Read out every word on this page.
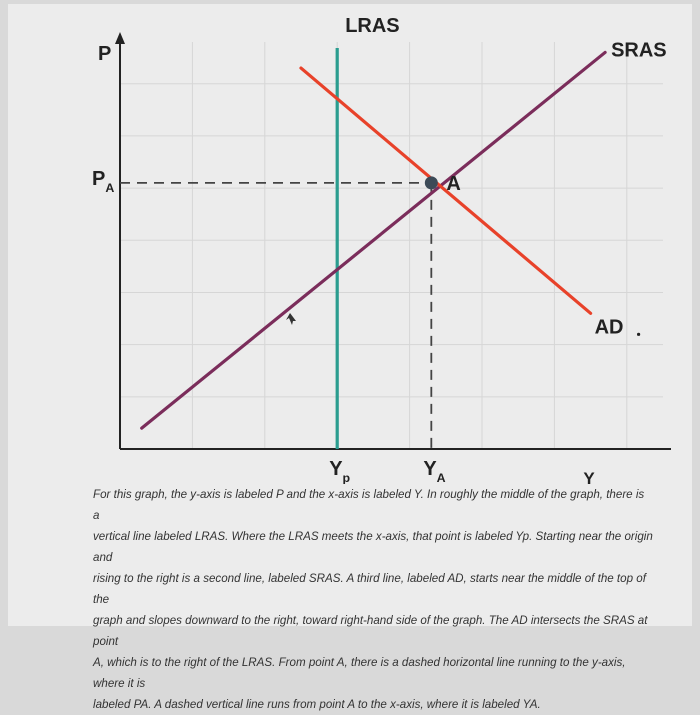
P
Y
LRAS
SRAS
AD
A
$P_A$
$Y_p$	$Y_A$
For this graph, the y-axis is labeled P and the x-axis is labeled Y. In roughly the middle of the graph, there is a
vertical line labeled LRAS. Where the LRAS meets the x-axis, that point is labeled Yp. Starting near the origin and
rising to the right is a second line, labeled SRAS. A third line, labeled AD, starts near the middle of the top of the
graph and slopes downward to the right, toward right-hand side of the graph. The AD intersects the SRAS at point
A, which is to the right of the LRAS. From point A, there is a dashed horizontal line running to the y-axis, where it is
labeled PA. A dashed vertical line runs from point A to the x-axis, where it is labeled YA.
